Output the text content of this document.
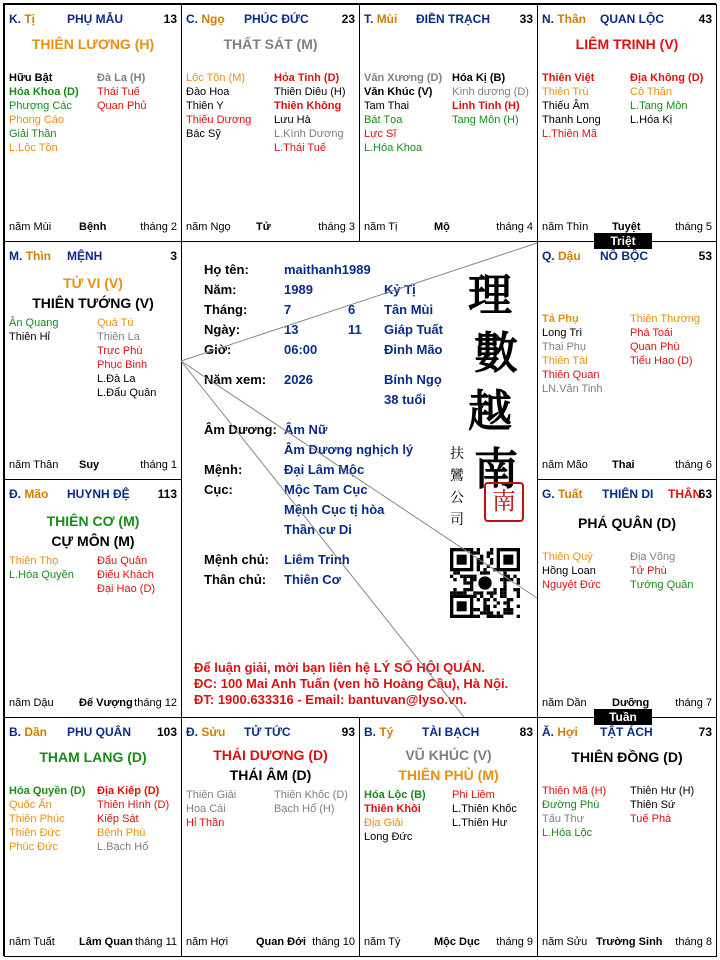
K. Tị	PHỤ MẪU	13
THIÊN LƯƠNG (H)
Hữu Bật
Hóa Khoa (D)
Phượng Các
Phong Cáo
Giải Thần
L.Lộc Tồn
Đà La (H)
Thái Tuế
Quan Phủ
năm Mùi	Bệnh	tháng 2
C. Ngọ PHÚC ĐỨC	23
THẤT SÁT (M)
Lộc Tồn (M)
Đào Hoa
Thiên Y
Thiếu Dương
Bác Sỹ
Hỏa Tinh (D)
Thiên Diêu (H)
Thiên Không
Lưu Hà
L.Kình Dương
L.Thái Tuế
năm Ngọ Tử	tháng 3
T. Mùi ĐIỀN TRẠCH 33
Văn Xương (D)
Văn Khúc (V)
Tam Thai
Bát Tọa
Lực Sĩ
L.Hóa Khoa
Hóa Kị (B)
Kình dương (D)
Linh Tinh (H)
Tang Môn (H)
năm Tị	Mộ	tháng 4
N. Thân QUAN LỘC	43
LIÊM TRINH (V)
Thiên Việt
Thiên Trù
Thiếu Âm
Thanh Long
L.Thiên Mã
Địa Không (D)
Cô Thần
L.Tang Môn
L.Hóa Kị
năm Thìn Tuyệt	tháng 5
Q. Dậu NÔ BỘC	53
Tả Phụ
Long Trì
Thai Phụ
Thiên Tài
Thiên Quan
LN.Văn Tinh
Thiên Thương
Phá Toái
Quan Phù
Tiểu Hao (D)
năm Mão Thai	tháng 6
G. Tuất THIÊN DI THÂN
63
PHÁ QUÂN (D)
Thiên Quý
Hồng Loan
Nguyệt Đức
Địa Võng
Tử Phù
Tướng Quân
năm Dần Dưỡng tháng 7
Ă. Hợi TẬT ÁCH	73
THIÊN ĐỒNG (D)
Thiên Mã (H)
Đường Phù
Tấu Thư
L.Hóa Lộc
Thiên Hư (H)
Thiên Sứ
Tuế Phá
năm Sửu Trường Sinh tháng 8
B. Tý TÀI BẠCH	83
VŨ KHÚC (V)
THIÊN PHỦ (M)
Hóa Lộc (B)
Thiên Khôi
Địa Giải
Long Đức
Phi Liêm
L.Thiên Khốc
L.Thiên Hư
năm Tý	Mộc Dục tháng 9
Đ. Sửu TỬ TỨC	93
THÁI DƯƠNG (D)
THÁI ÂM (D)
Thiên Giải
Hoa Cái
Hỉ Thần
Thiên Khốc (D)
Bạch Hổ (H)
năm Hợi	Quan Đới tháng 10
B. Dần PHU QUÂN 103
THAM LANG (D)
Hóa Quyền (D)
Quốc Ấn
Thiên Phúc
Thiên Đức
Phúc Đức
Địa Kiếp (D)
Thiên Hình (D)
Kiếp Sát
Bệnh Phù
L.Bạch Hổ
năm Tuất Lâm Quan tháng 11
Đ. Mão HUYNH ĐỆ 113
THIÊN CƠ (M)
CỰ MÔN (M)
Thiên Thọ
L.Hóa Quyền
Đẩu Quân
Điếu Khách
Đại Hao (D)
năm Dậu Đế Vượng tháng 12
M. Thìn MỆNH	3
TỬ VI (V)
THIÊN TƯỚNG (V)
Ân Quang
Thiên Hỉ
Quả Tú
Thiên La
Trực Phù
Phục Binh
L.Đà La
L.Đẩu Quân
năm Thân Suy	tháng 1
Họ tên:	maithanh1989
Năm:	1989	Kỷ Tị
Tháng:	7	6 Tân Mùi
Ngày:	13	11 Giáp Tuất
Giờ:	06:00	Đinh Mão
Năm xem: 2026	Bính Ngọ
38 tuổi
Âm Dương: Âm Nữ
Âm Dương nghịch lý
Mệnh:	Đại Lâm Mộc
Cục:	Mộc Tam Cục
Mệnh Cục tị hòa
Thần cư Di
Mệnh chủ: Liêm Trinh
Thân chủ: Thiên Cơ
理
數
越
南
扶
鸞
公
司
南
Để luận giải, mời bạn liên hệ LÝ SỐ HỘI QUÁN.
ĐC: 100 Mai Anh Tuấn (ven hồ Hoàng Cầu), Hà Nội.
ĐT: 1900.633316 - Email: bantuvan@lyso.vn.
Triệt
Tuần
